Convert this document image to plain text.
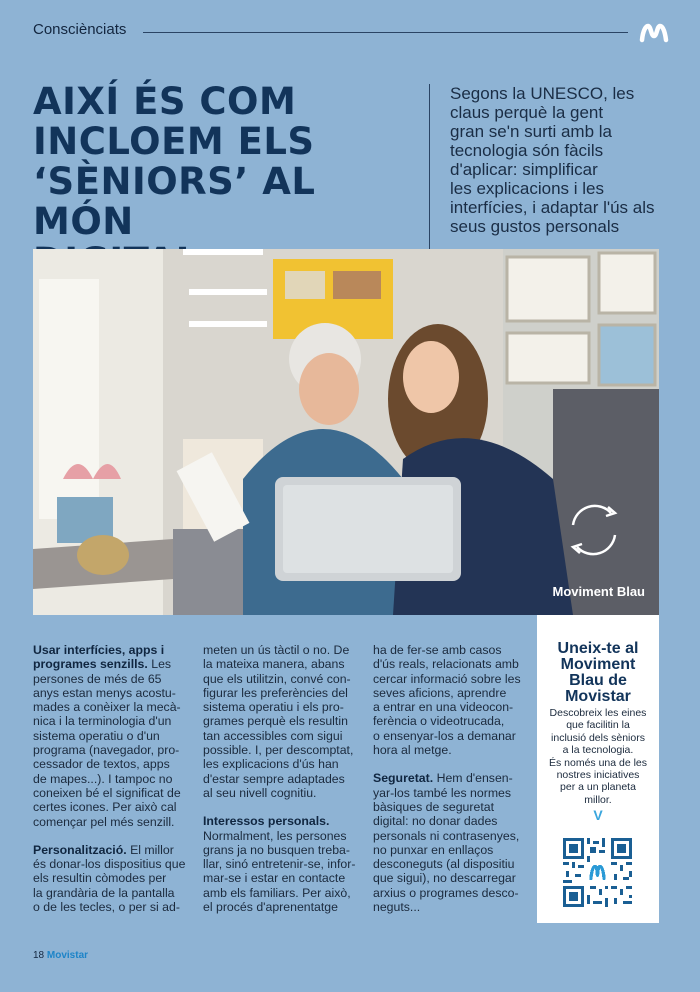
Consciènciats
AIXÍ ÉS COM
INCLOEM ELS
‘SÈNIORS’ AL MÓN
Segons la UNESCO, les
claus perquè la gent
gran se'n surti amb la
tecnologia són fàcils
d'aplicar: simplificar
les explicacions i les
interfícies, i adaptar l'ús als
seus gustos personals
Moviment Blau

Usar interfícies, apps i
programes senzills. Les
persones de més de 65
anys estan menys acostu-
mades a conèixer la mecà-
nica i la terminologia d'un
sistema operatiu o d'un
programa (navegador, pro-
cessador de textos, apps
de mapes...). I tampoc no
coneixen bé el significat de
certes icones. Per això cal
començar pel més senzill.

Personalització. El millor
és donar-los dispositius que
els resultin còmodes per
la grandària de la pantalla
o de les tecles, o per si ad-

meten un ús tàctil o no. De
la mateixa manera, abans
que els utilitzin, convé con-
figurar les preferències del
sistema operatiu i els pro-
grames perquè els resultin
tan accessibles com sigui
possible. I, per descomptat,
les explicacions d'ús han
d'estar sempre adaptades
al seu nivell cognitiu.

Interessos personals.
Normalment, les persones
grans ja no busquen treba-
llar, sinó entretenir-se, infor-
mar-se i estar en contacte
amb els familiars. Per això,
el procés d'aprenentatge

ha de fer-se amb casos
d'ús reals, relacionats amb
cercar informació sobre les
seves aficions, aprendre
a entrar en una videocon-
ferència o videotrucada,
o ensenyar-los a demanar
hora al metge.

Seguretat. Hem d'ensen-
yar-los també les normes
bàsiques de seguretat
digital: no donar dades
personals ni contrasenyes,
no punxar en enllaços
desconeguts (al dispositiu
que sigui), no descarregar
arxius o programes desco-
neguts...

Uneix-te al
Moviment
Blau de
Movistar
Descobreix les eines
que facilitin la
inclusió dels sèniors
a la tecnologia.
És només una de les
nostres iniciatives
per a un planeta
millor.
V
18 Movistar
